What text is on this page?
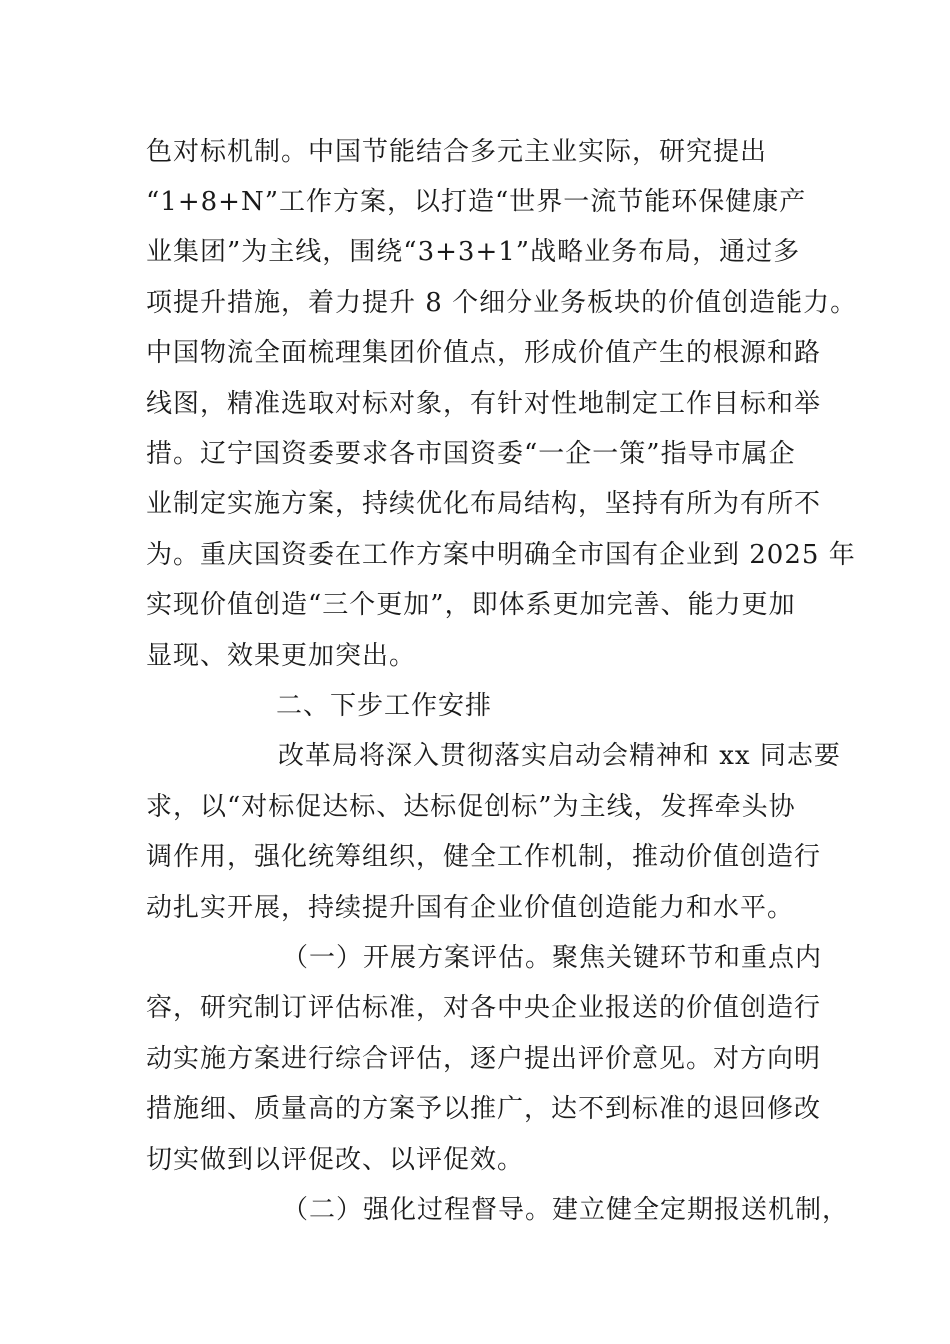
色对标机制。中国节能结合多元主业实际，研究提出
“1+8+N”工作方案，以打造“世界一流节能环保健康产
业集团”为主线，围绕“3+3+1”战略业务布局，通过多
项提升措施，着力提升 8 个细分业务板块的价值创造能力。
中国物流全面梳理集团价值点，形成价值产生的根源和路
线图，精准选取对标对象，有针对性地制定工作目标和举
措。辽宁国资委要求各市国资委“一企一策”指导市属企
业制定实施方案，持续优化布局结构，坚持有所为有所不
为。重庆国资委在工作方案中明确全市国有企业到 2025 年
实现价值创造“三个更加”，即体系更加完善、能力更加
显现、效果更加突出。
二、下步工作安排
改革局将深入贯彻落实启动会精神和 xx 同志要
求，以“对标促达标、达标促创标”为主线，发挥牵头协
调作用，强化统筹组织，健全工作机制，推动价值创造行
动扎实开展，持续提升国有企业价值创造能力和水平。
（一）开展方案评估。聚焦关键环节和重点内
容，研究制订评估标准，对各中央企业报送的价值创造行
动实施方案进行综合评估，逐户提出评价意见。对方向明
措施细、质量高的方案予以推广，达不到标准的退回修改
切实做到以评促改、以评促效。
（二）强化过程督导。建立健全定期报送机制，
